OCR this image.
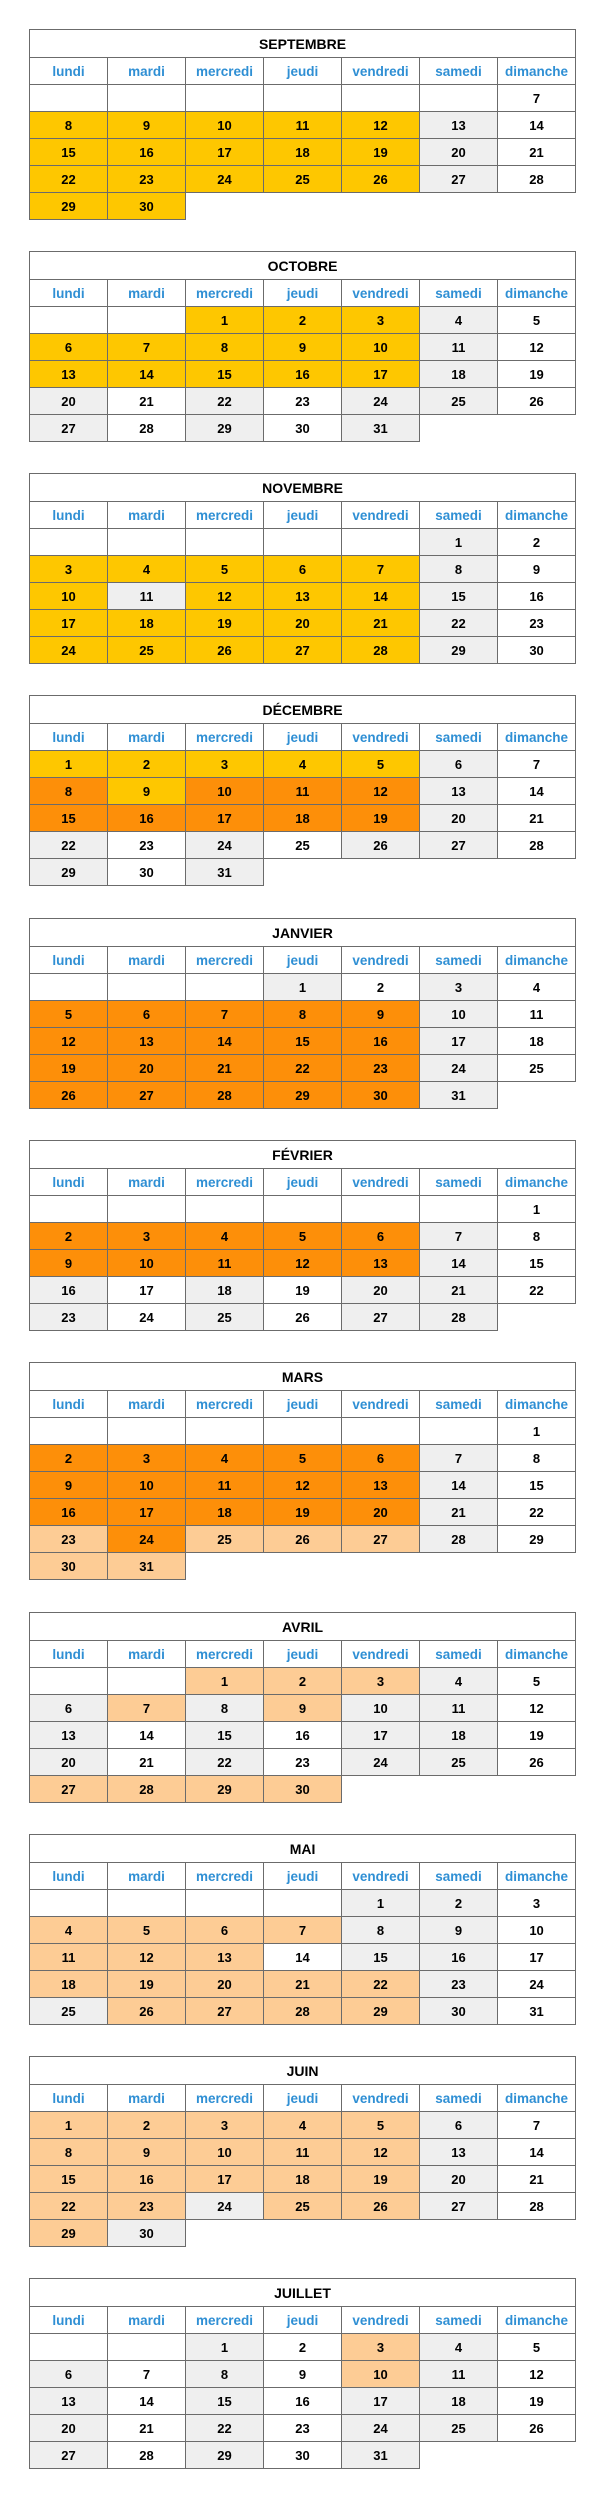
SEPTEMBRE						
lundi	mardi	mercredi	jeudi	vendredi	samedi	dimanche
						7
8	9	10	11	12	13	14
15	16	17	18	19	20	21
22	23	24	25	26	27	28
29	30					
OCTOBRE						
lundi	mardi	mercredi	jeudi	vendredi	samedi	dimanche
		1	2	3	4	5
6	7	8	9	10	11	12
13	14	15	16	17	18	19
20	21	22	23	24	25	26
27	28	29	30	31		
NOVEMBRE						
lundi	mardi	mercredi	jeudi	vendredi	samedi	dimanche
					1	2
3	4	5	6	7	8	9
10	11	12	13	14	15	16
17	18	19	20	21	22	23
24	25	26	27	28	29	30
DÉCEMBRE						
lundi	mardi	mercredi	jeudi	vendredi	samedi	dimanche
1	2	3	4	5	6	7
8	9	10	11	12	13	14
15	16	17	18	19	20	21
22	23	24	25	26	27	28
29	30	31				
JANVIER						
lundi	mardi	mercredi	jeudi	vendredi	samedi	dimanche
			1	2	3	4
5	6	7	8	9	10	11
12	13	14	15	16	17	18
19	20	21	22	23	24	25
26	27	28	29	30	31	
FÉVRIER						
lundi	mardi	mercredi	jeudi	vendredi	samedi	dimanche
						1
2	3	4	5	6	7	8
9	10	11	12	13	14	15
16	17	18	19	20	21	22
23	24	25	26	27	28	
MARS						
lundi	mardi	mercredi	jeudi	vendredi	samedi	dimanche
						1
2	3	4	5	6	7	8
9	10	11	12	13	14	15
16	17	18	19	20	21	22
23	24	25	26	27	28	29
30	31					
AVRIL						
lundi	mardi	mercredi	jeudi	vendredi	samedi	dimanche
		1	2	3	4	5
6	7	8	9	10	11	12
13	14	15	16	17	18	19
20	21	22	23	24	25	26
27	28	29	30			
MAI						
lundi	mardi	mercredi	jeudi	vendredi	samedi	dimanche
				1	2	3
4	5	6	7	8	9	10
11	12	13	14	15	16	17
18	19	20	21	22	23	24
25	26	27	28	29	30	31
JUIN						
lundi	mardi	mercredi	jeudi	vendredi	samedi	dimanche
1	2	3	4	5	6	7
8	9	10	11	12	13	14
15	16	17	18	19	20	21
22	23	24	25	26	27	28
29	30					
JUILLET						
lundi	mardi	mercredi	jeudi	vendredi	samedi	dimanche
		1	2	3	4	5
6	7	8	9	10	11	12
13	14	15	16	17	18	19
20	21	22	23	24	25	26
27	28	29	30	31		
